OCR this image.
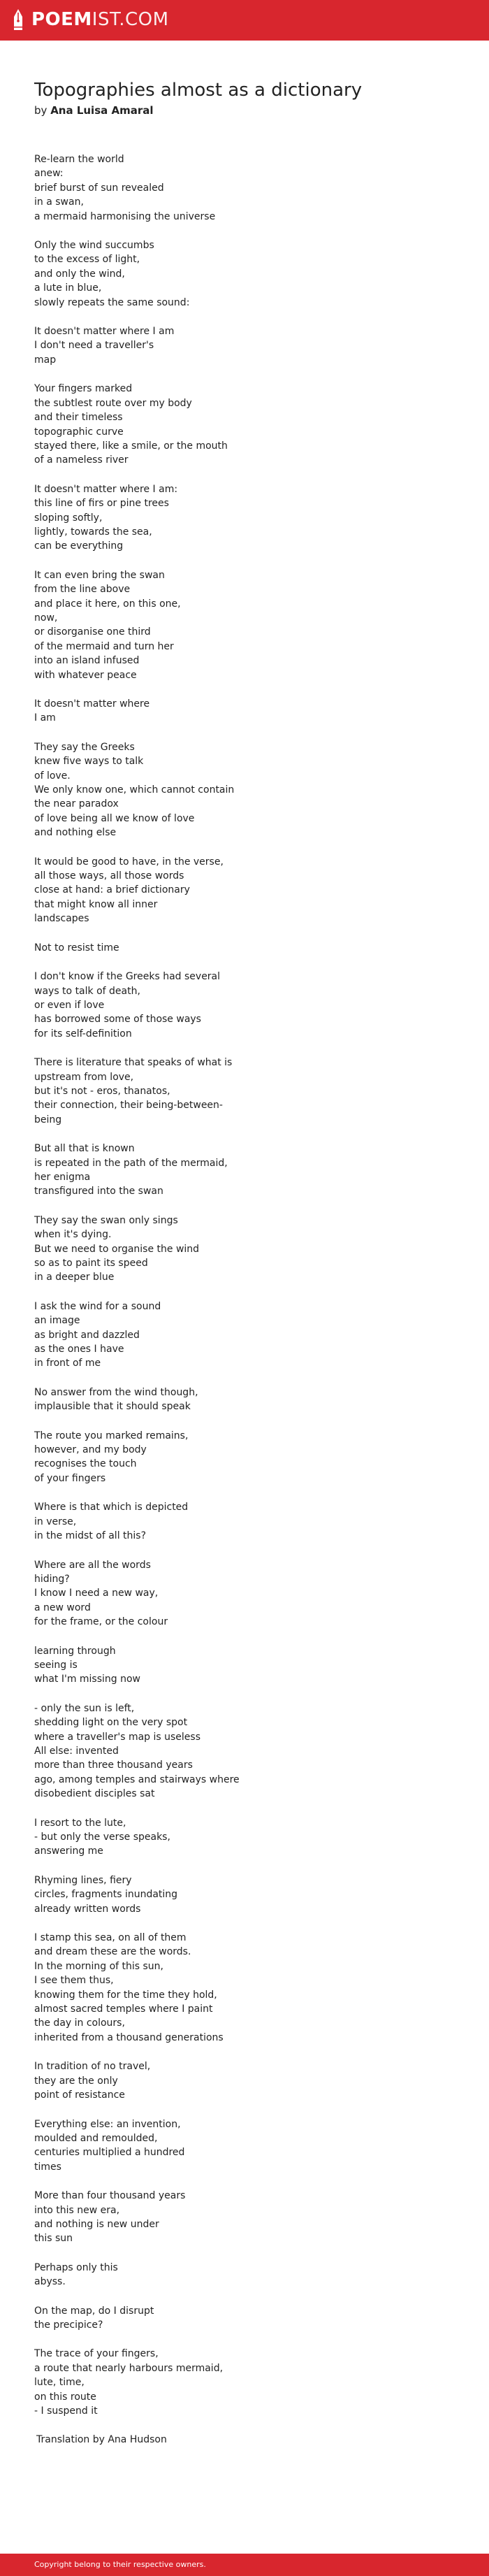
POEMIST.COM
Topographies almost as a dictionary
by Ana Luisa Amaral
Re-learn the world
anew:
brief burst of sun revealed
in a swan,
a mermaid harmonising the universe
Only the wind succumbs
to the excess of light,
and only the wind,
a lute in blue,
slowly repeats the same sound:
It doesn't matter where I am
I don't need a traveller's
map
Your fingers marked
the subtlest route over my body
and their timeless
topographic curve
stayed there, like a smile, or the mouth
of a nameless river
It doesn't matter where I am:
this line of firs or pine trees
sloping softly,
lightly, towards the sea,
can be everything
It can even bring the swan
from the line above
and place it here, on this one,
now,
or disorganise one third
of the mermaid and turn her
into an island infused
with whatever peace
It doesn't matter where
I am
They say the Greeks
knew five ways to talk
of love.
We only know one, which cannot contain
the near paradox
of love being all we know of love
and nothing else
It would be good to have, in the verse,
all those ways, all those words
close at hand: a brief dictionary
that might know all inner
landscapes
Not to resist time
I don't know if the Greeks had several
ways to talk of death,
or even if love
has borrowed some of those ways
for its self-definition
There is literature that speaks of what is
upstream from love,
but it's not - eros, thanatos,
their connection, their being-between-
being
But all that is known
is repeated in the path of the mermaid,
her enigma
transfigured into the swan
They say the swan only sings
when it's dying.
But we need to organise the wind
so as to paint its speed
in a deeper blue
I ask the wind for a sound
an image
as bright and dazzled
as the ones I have
in front of me
No answer from the wind though,
implausible that it should speak
The route you marked remains,
however, and my body
recognises the touch
of your fingers
Where is that which is depicted
in verse,
in the midst of all this?
Where are all the words
hiding?
I know I need a new way,
a new word
for the frame, or the colour
learning through
seeing is
what I'm missing now
- only the sun is left,
shedding light on the very spot
where a traveller's map is useless
All else: invented
more than three thousand years
ago, among temples and stairways where
disobedient disciples sat
I resort to the lute,
- but only the verse speaks,
answering me
Rhyming lines, fiery
circles, fragments inundating
already written words
I stamp this sea, on all of them
and dream these are the words.
In the morning of this sun,
I see them thus,
knowing them for the time they hold,
almost sacred temples where I paint
the day in colours,
inherited from a thousand generations
In tradition of no travel,
they are the only
point of resistance
Everything else: an invention,
moulded and remoulded,
centuries multiplied a hundred
times
More than four thousand years
into this new era,
and nothing is new under
this sun
Perhaps only this
abyss.
On the map, do I disrupt
the precipice?
The trace of your fingers,
a route that nearly harbours mermaid,
lute, time,
on this route
- I suspend it
Translation by Ana Hudson
Copyright belong to their respective owners.
